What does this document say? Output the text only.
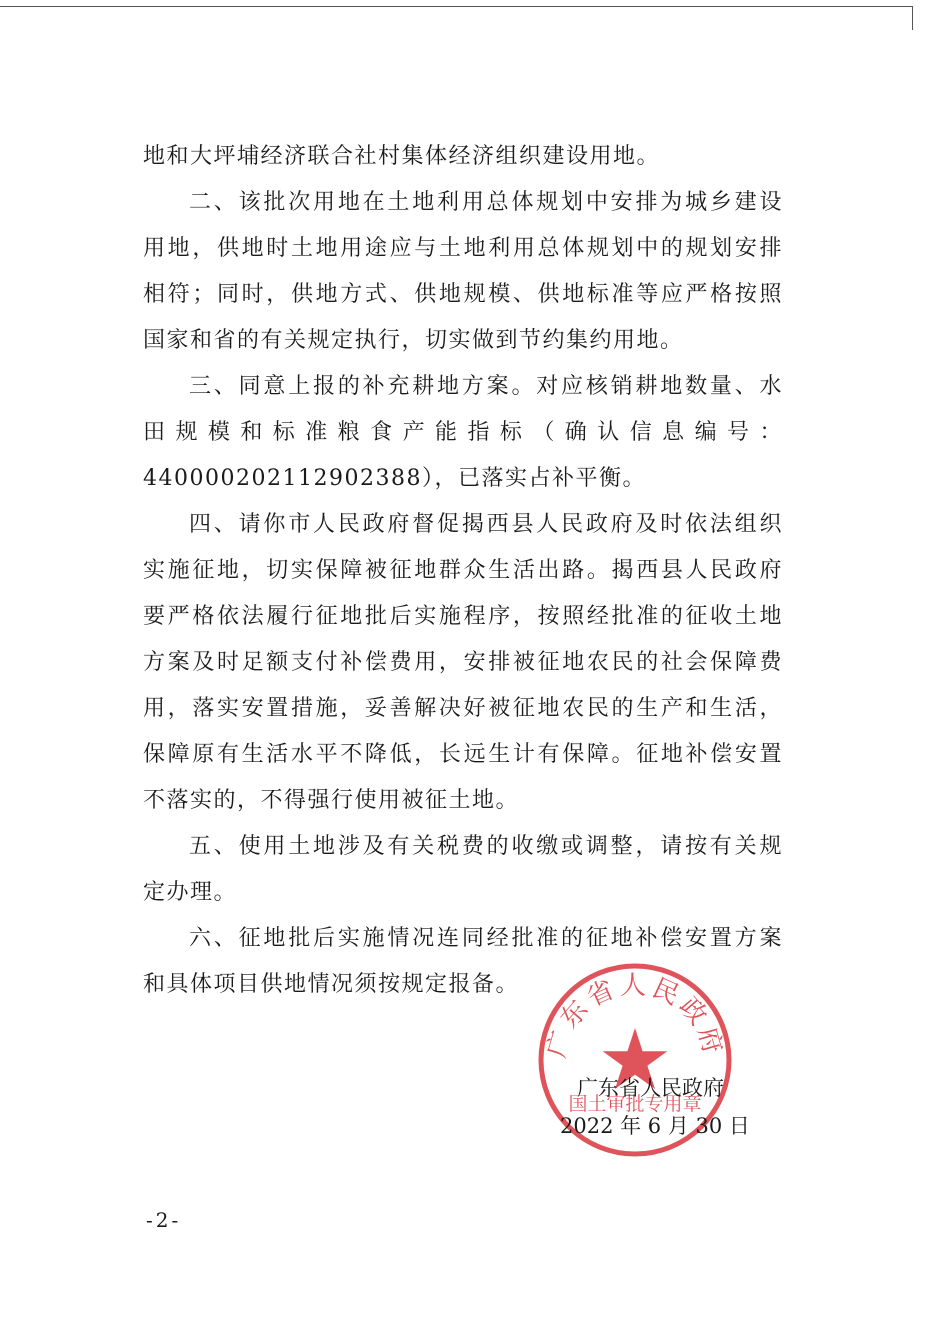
地和大坪埔经济联合社村集体经济组织建设用地。
二、该批次用地在土地利用总体规划中安排为城乡建设
用地，供地时土地用途应与土地利用总体规划中的规划安排
相符；同时，供地方式、供地规模、供地标准等应严格按照
国家和省的有关规定执行，切实做到节约集约用地。
三、同意上报的补充耕地方案。对应核销耕地数量、水
田规模和标准粮食产能指标（确认信息编号：
440000202112902388），已落实占补平衡。
四、请你市人民政府督促揭西县人民政府及时依法组织
实施征地，切实保障被征地群众生活出路。揭西县人民政府
要严格依法履行征地批后实施程序，按照经批准的征收土地
方案及时足额支付补偿费用，安排被征地农民的社会保障费
用，落实安置措施，妥善解决好被征地农民的生产和生活，
保障原有生活水平不降低，长远生计有保障。征地补偿安置
不落实的，不得强行使用被征土地。
五、使用土地涉及有关税费的收缴或调整，请按有关规
定办理。
六、征地批后实施情况连同经批准的征地补偿安置方案
和具体项目供地情况须按规定报备。
广东省人民政府
国土审批专用章
广东省人民政府
2022 年 6 月 30 日
-2-
